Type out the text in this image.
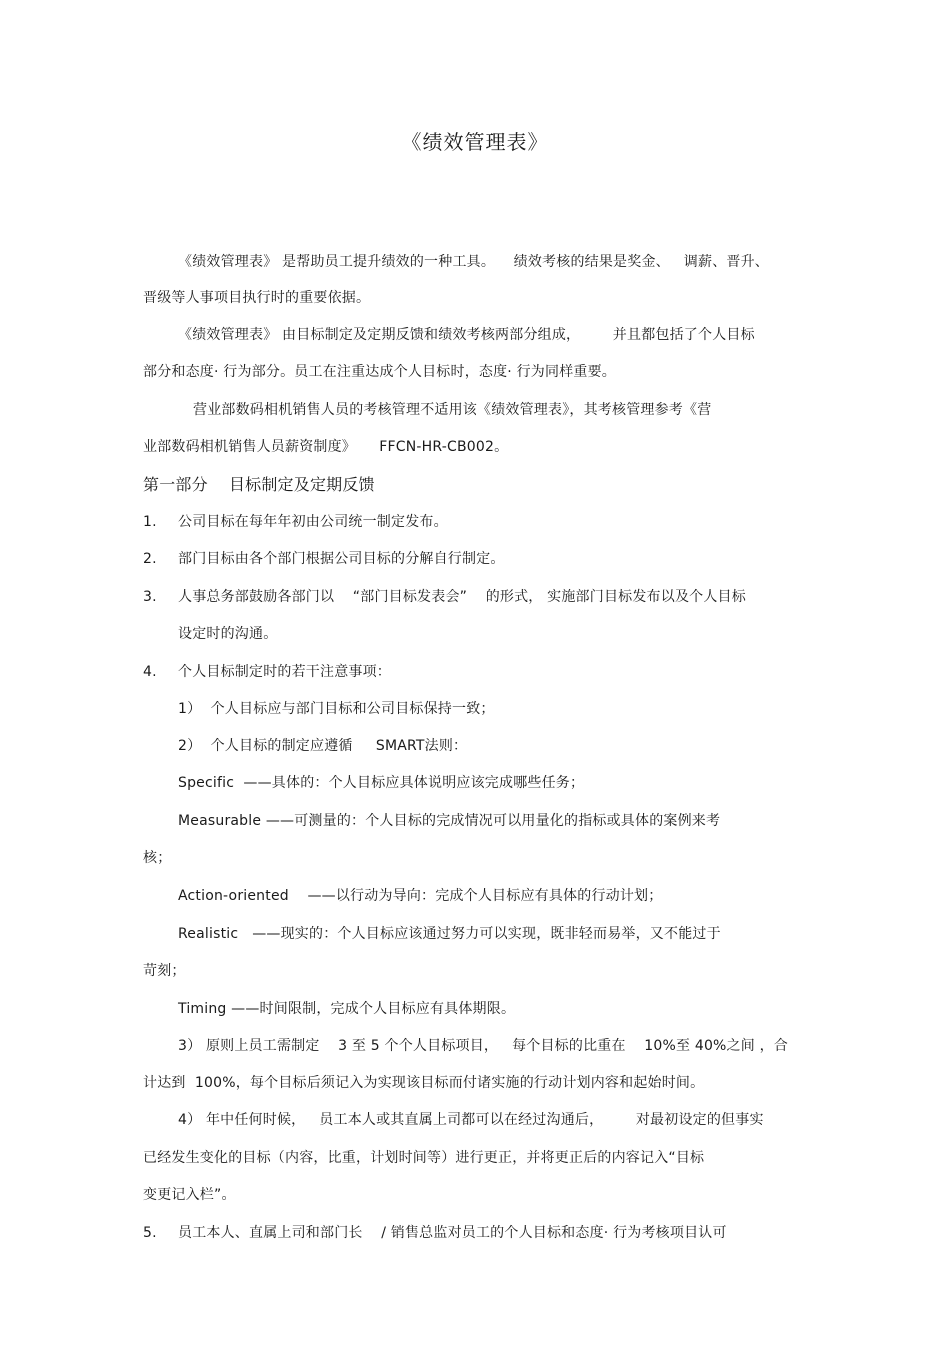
《绩效管理表》
《绩效管理表》 是帮助员工提升绩效的一种工具。    绩效考核的结果是奖金、   调薪、晋升、
晋级等人事项目执行时的重要依据。
《绩效管理表》 由目标制定及定期反馈和绩效考核两部分组成，       并且都包括了个人目标
部分和态度· 行为部分。员工在注重达成个人目标时，态度· 行为同样重要。
营业部数码相机销售人员的考核管理不适用该《绩效管理表》，其考核管理参考《营
业部数码相机销售人员薪资制度》     FFCN-HR-CB002。
第一部分    目标制定及定期反馈
1. 公司目标在每年年初由公司统一制定发布。
2. 部门目标由各个部门根据公司目标的分解自行制定。
3. 人事总务部鼓励各部门以    “部门目标发表会”    的形式， 实施部门目标发布以及个人目标
设定时的沟通。
4. 个人目标制定时的若干注意事项：
1）  个人目标应与部门目标和公司目标保持一致；
2）  个人目标的制定应遵循     SMART法则：
Specific  ——具体的：个人目标应具体说明应该完成哪些任务；
Measurable ——可测量的：个人目标的完成情况可以用量化的指标或具体的案例来考
核；
Action-oriented    ——以行动为导向：完成个人目标应有具体的行动计划；
Realistic   ——现实的：个人目标应该通过努力可以实现，既非轻而易举，又不能过于
苛刻；
Timing ——时间限制，完成个人目标应有具体期限。
3） 原则上员工需制定    3 至 5 个个人目标项目，   每个目标的比重在    10%至 40%之间 ，合
计达到  100%，每个目标后须记入为实现该目标而付诸实施的行动计划内容和起始时间。
4） 年中任何时候，   员工本人或其直属上司都可以在经过沟通后，       对最初设定的但事实
已经发生变化的目标（内容，比重，计划时间等）进行更正，并将更正后的内容记入“目标
变更记入栏”。
5. 员工本人、直属上司和部门长    / 销售总监对员工的个人目标和态度· 行为考核项目认可
